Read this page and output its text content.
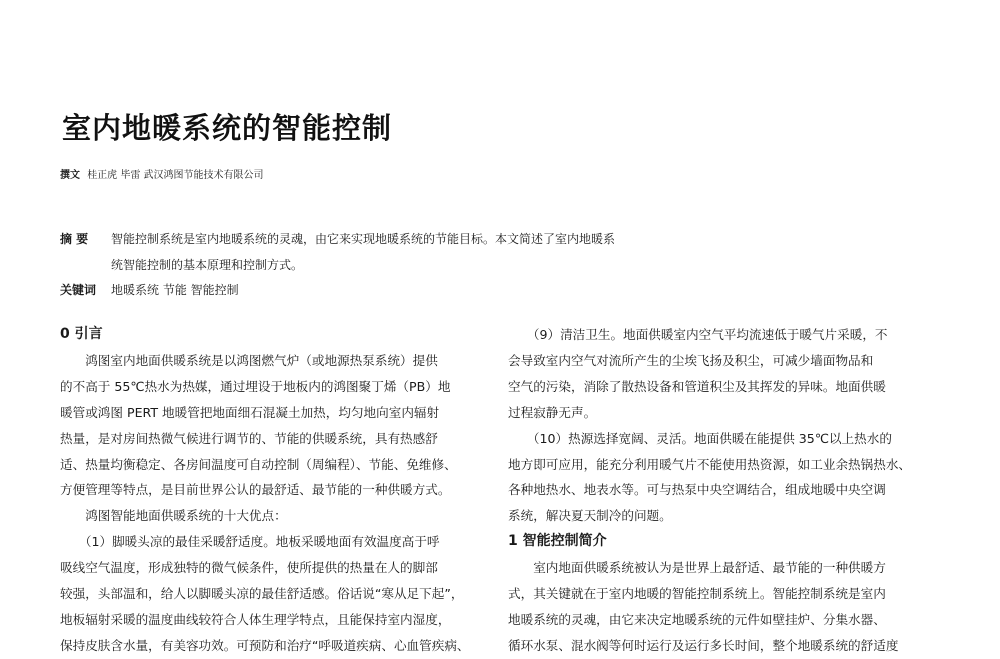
室内地暖系统的智能控制
撰文 桂正虎 毕雷 武汉鸿图节能技术有限公司
摘 要 智能控制系统是室内地暖系统的灵魂，由它来实现地暖系统的节能目标。本文简述了室内地暖系
统智能控制的基本原理和控制方式。
关键词 地暖系统 节能 智能控制

0 引言

　　鸿图室内地面供暖系统是以鸿图燃气炉（或地源热泵系统）提供

的不高于 55℃热水为热媒，通过埋设于地板内的鸿图聚丁烯（PB）地

暖管或鸿图 PERT 地暖管把地面细石混凝土加热，均匀地向室内辐射

热量，是对房间热微气候进行调节的、节能的供暖系统，具有热感舒

适、热量均衡稳定、各房间温度可自动控制（周编程）、节能、免维修、

方便管理等特点，是目前世界公认的最舒适、最节能的一种供暖方式。

　　鸿图智能地面供暖系统的十大优点：

　　（1）脚暖头凉的最佳采暖舒适度。地板采暖地面有效温度高于呼

吸线空气温度，形成独特的微气候条件，使所提供的热量在人的脚部

较强，头部温和，给人以脚暖头凉的最佳舒适感。俗话说“寒从足下起”，

地板辐射采暖的温度曲线较符合人体生理学特点，且能保持室内湿度，

保持皮肤含水量，有美容功效。可预防和治疗“呼吸道疾病、心血管疾病、

　　（9）清洁卫生。地面供暖室内空气平均流速低于暖气片采暖，不

会导致室内空气对流所产生的尘埃飞扬及积尘，可减少墙面物品和

空气的污染，消除了散热设备和管道积尘及其挥发的异味。地面供暖

过程寂静无声。

　　（10）热源选择宽阔、灵活。地面供暖在能提供 35℃以上热水的

地方即可应用，能充分利用暖气片不能使用热资源，如工业余热锅热水、

各种地热水、地表水等。可与热泵中央空调结合，组成地暖中央空调

系统，解决夏天制冷的问题。

1 智能控制简介

　　室内地面供暖系统被认为是世界上最舒适、最节能的一种供暖方

式，其关键就在于室内地暖的智能控制系统上。智能控制系统是室内

地暖系统的灵魂，由它来决定地暖系统的元件如壁挂炉、分集水器、

循环水泵、混水阀等何时运行及运行多长时间，整个地暖系统的舒适度
